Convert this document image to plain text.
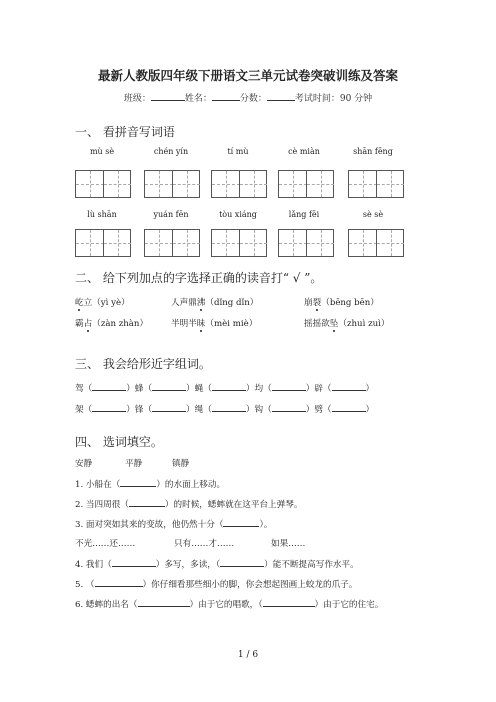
最新人教版四年级下册语文三单元试卷突破训练及答案
班级：	姓名：	分数：	考试时间：90 分钟
一、 看拼音写词语
mù sè	chén yín	tí mù	cè miàn	shān fēng
lù shān	yuán fēn	tòu xiáng	lǎng fēi	sè sè
二、 给下列加点的字选择正确的读音打“ √ ”。
屹立（yì yè）	人声鼎沸（dǐng dǐn）	崩裂（bēng bēn）
霸占（zàn zhàn）	半明半昧（mèi miè）	摇摇欲坠（zhuì zuì）
三、 我会给形近字组词。
驾（	）蜂（	）蝇（	）均（	）辟（	）
架（	）锋（	）绳（	）钩（	）劈（	）
四、 选词填空。
安静	平静	镇静
1. 小船在（	）的水面上移动。
2. 当四周很（	）的时候，蟋蟀就在这平台上弹琴。
3. 面对突如其来的变故，他仍然十分（	）。
不光……还……	只有……才……	如果……
4. 我们（	）多写，多读，（	）能不断提高写作水平。
5. （	）你仔细看那些细小的脚，你会想起图画上蛟龙的爪子。
6. 蟋蟀的出名（	）由于它的唱歌，（	）由于它的住宅。
1 / 6
